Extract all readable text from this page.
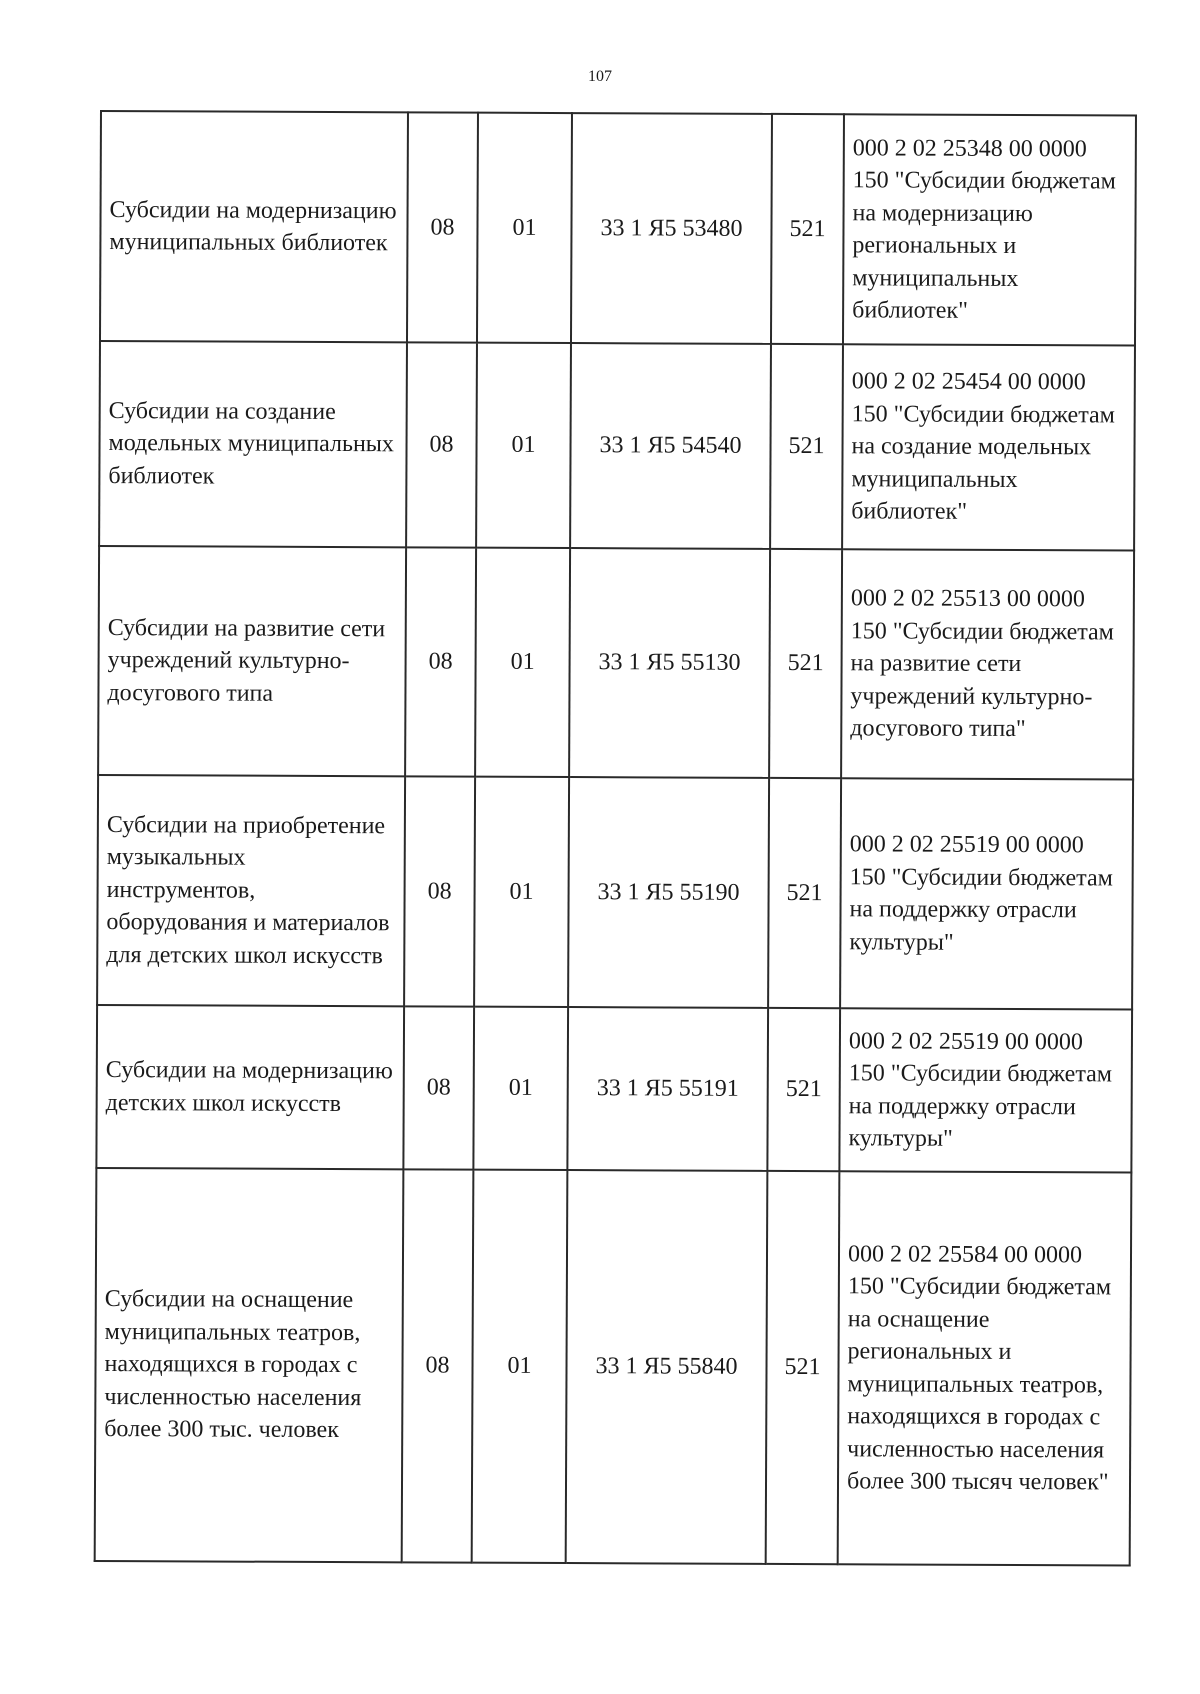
107
Субсидии на модернизацию муниципальных библиотек	08	01	33 1 Я5 53480	521	000 2 02 25348 00 0000 150 "Субсидии бюджетам на модернизацию региональных и муниципальных библиотек"
Субсидии на создание модельных муниципальных библиотек	08	01	33 1 Я5 54540	521	000 2 02 25454 00 0000 150 "Субсидии бюджетам на создание модельных муниципальных библиотек"
Субсидии на развитие сети учреждений культурно-досугового типа	08	01	33 1 Я5 55130	521	000 2 02 25513 00 0000 150 "Субсидии бюджетам на развитие сети учреждений культурно-досугового типа"
Субсидии на приобретение музыкальных инструментов, оборудования и материалов для детских школ искусств	08	01	33 1 Я5 55190	521	000 2 02 25519 00 0000 150 "Субсидии бюджетам на поддержку отрасли культуры"
Субсидии на модернизацию детских школ искусств	08	01	33 1 Я5 55191	521	000 2 02 25519 00 0000 150 "Субсидии бюджетам на поддержку отрасли культуры"
Субсидии на оснащение муниципальных театров, находящихся в городах с численностью населения более 300 тыс. человек	08	01	33 1 Я5 55840	521	000 2 02 25584 00 0000 150 "Субсидии бюджетам на оснащение региональных и муниципальных театров, находящихся в городах с численностью населения более 300 тысяч человек"
